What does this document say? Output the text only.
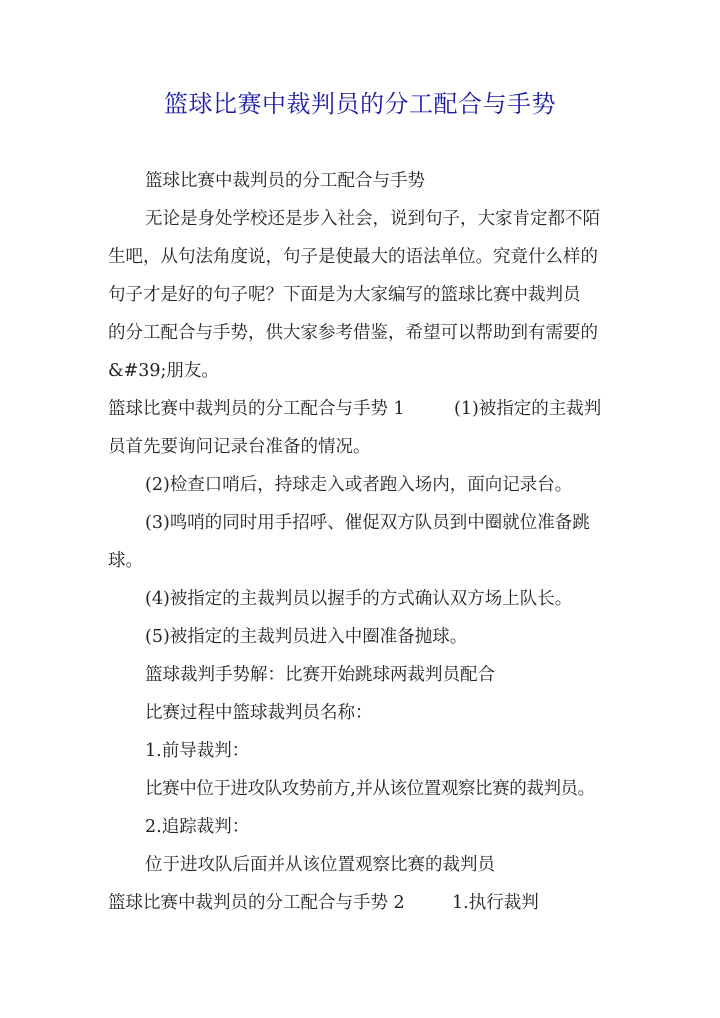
篮球比赛中裁判员的分工配合与手势
篮球比赛中裁判员的分工配合与手势
无论是身处学校还是步入社会，说到句子，大家肯定都不陌
生吧，从句法角度说，句子是使最大的语法单位。究竟什么样的
句子才是好的句子呢？下面是为大家编写的篮球比赛中裁判员
的分工配合与手势，供大家参考借鉴，希望可以帮助到有需要的
&#39;朋友。
篮球比赛中裁判员的分工配合与手势 1	(1)被指定的主裁判
员首先要询问记录台准备的情况。
(2)检查口哨后，持球走入或者跑入场内，面向记录台。
(3)鸣哨的同时用手招呼、催促双方队员到中圈就位准备跳
球。
(4)被指定的主裁判员以握手的方式确认双方场上队长。
(5)被指定的主裁判员进入中圈准备抛球。
篮球裁判手势解：比赛开始跳球两裁判员配合
比赛过程中篮球裁判员名称：
1.前导裁判：
比赛中位于进攻队攻势前方,并从该位置观察比赛的裁判员。
2.追踪裁判：
位于进攻队后面并从该位置观察比赛的裁判员
篮球比赛中裁判员的分工配合与手势 2	1.执行裁判
